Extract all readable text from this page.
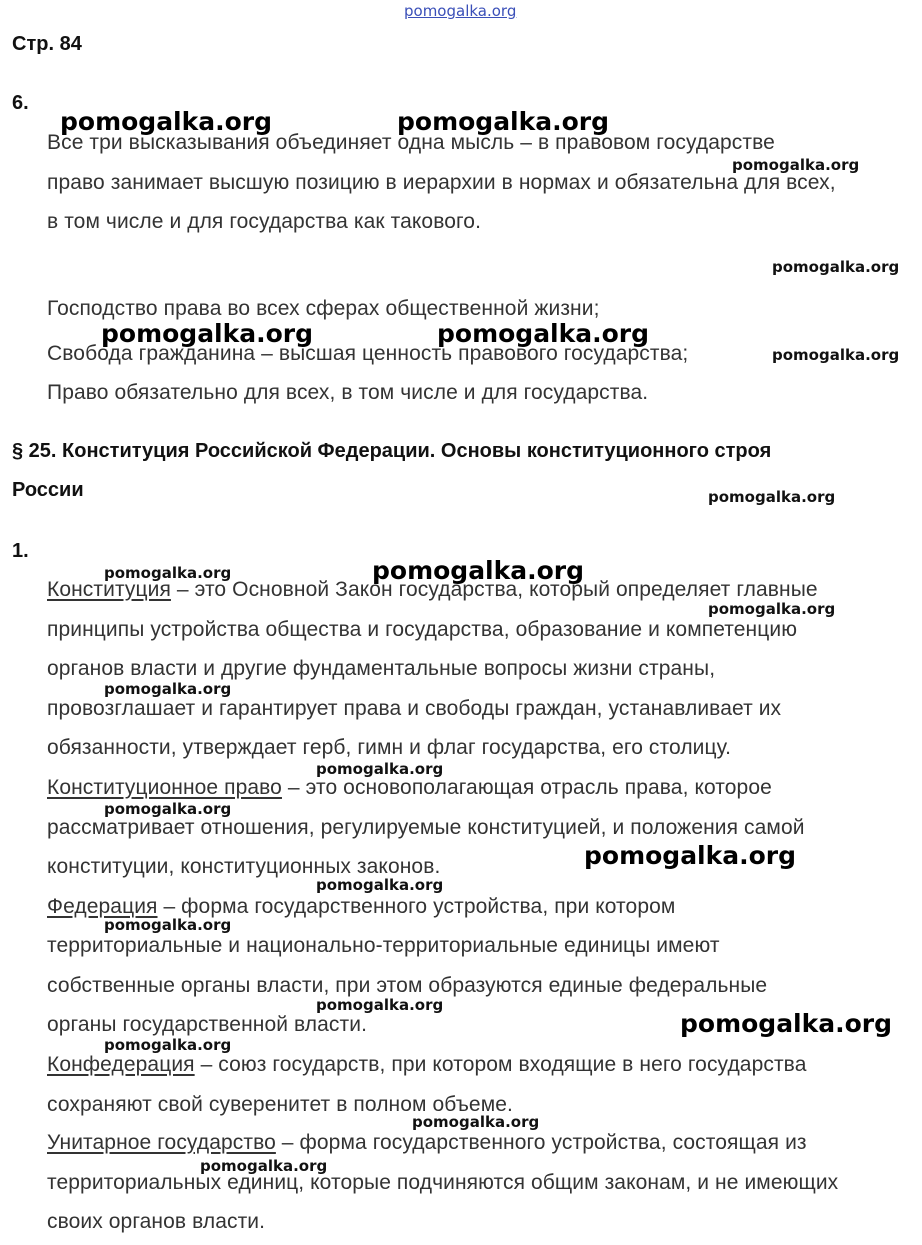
pomogalka.org
Стр. 84
6.
Все три высказывания объединяет одна мысль – в правовом государстве
право занимает высшую позицию в иерархии в нормах и обязательна для всех,
в том числе и для государства как такового.
Господство права во всех сферах общественной жизни;
Свобода гражданина – высшая ценность правового государства;
Право обязательно для всех, в том числе и для государства.
§ 25. Конституция Российской Федерации. Основы конституционного строя
России
1.
Конституция – это Основной Закон государства, который определяет главные
принципы устройства общества и государства, образование и компетенцию
органов власти и другие фундаментальные вопросы жизни страны,
провозглашает и гарантирует права и свободы граждан, устанавливает их
обязанности, утверждает герб, гимн и флаг государства, его столицу.
Конституционное право – это основополагающая отрасль права, которое
рассматривает отношения, регулируемые конституцией, и положения самой
конституции, конституционных законов.
Федерация – форма государственного устройства, при котором
территориальные и национально-территориальные единицы имеют
собственные органы власти, при этом образуются единые федеральные
органы государственной власти.
Конфедерация – союз государств, при котором входящие в него государства
сохраняют свой суверенитет в полном объеме.
Унитарное государство – форма государственного устройства, состоящая из
территориальных единиц, которые подчиняются общим законам, и не имеющих
своих органов власти.
pomogalka.org	pomogalka.org
pomogalka.org
pomogalka.org
pomogalka.org	pomogalka.org
pomogalka.org
pomogalka.org
pomogalka.org	pomogalka.org
pomogalka.org
pomogalka.org
pomogalka.org
pomogalka.org
pomogalka.org
pomogalka.org
pomogalka.org
pomogalka.org
pomogalka.org
pomogalka.org
pomogalka.org
pomogalka.org
